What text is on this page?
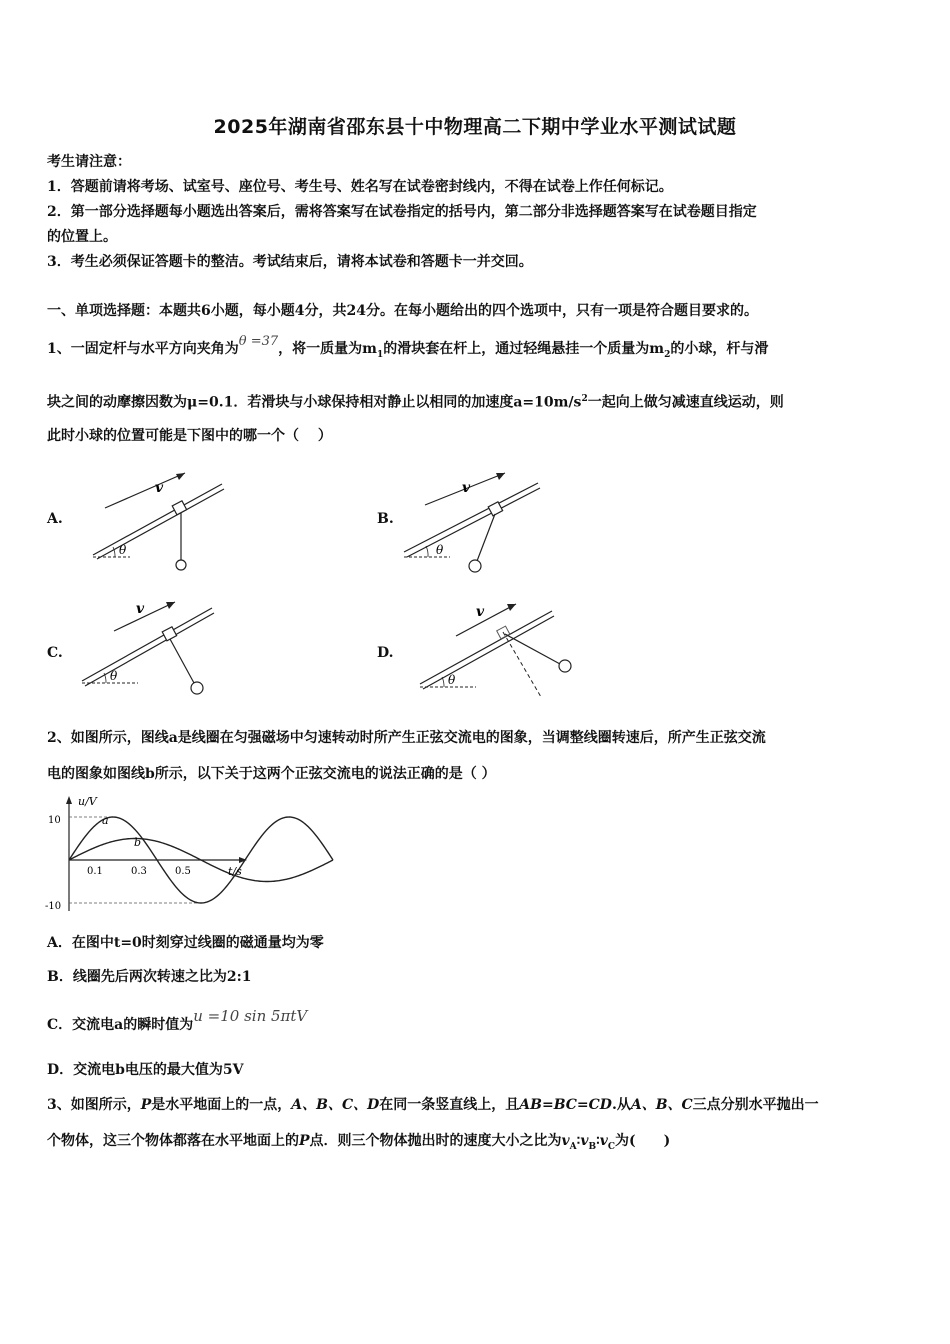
2025年湖南省邵东县十中物理高二下期中学业水平测试试题
考生请注意：
1．答题前请将考场、试室号、座位号、考生号、姓名写在试卷密封线内，不得在试卷上作任何标记。
2．第一部分选择题每小题选出答案后，需将答案写在试卷指定的括号内，第二部分非选择题答案写在试卷题目指定
的位置上。
3．考生必须保证答题卡的整洁。考试结束后，请将本试卷和答题卡一并交回。
一、单项选择题：本题共6小题，每小题4分，共24分。在每小题给出的四个选项中，只有一项是符合题目要求的。
1、一固定杆与水平方向夹角为θ =37，将一质量为$m_1$的滑块套在杆上，通过轻绳悬挂一个质量为$m_2$的小球，杆与滑
块之间的动摩擦因数为μ=0.1．若滑块与小球保持相对静止以相同的加速度$a=10m/s^2$一起向上做匀减速直线运动，则
此时小球的位置可能是下图中的哪一个（　 ）
A.	B.
C.	D.
θ
v
θ
v
θ
v
θ
v
2、如图所示，图线a是线圈在匀强磁场中匀速转动时所产生正弦交流电的图象，当调整线圈转速后，所产生正弦交流
电的图象如图线b所示，以下关于这两个正弦交流电的说法正确的是（ ）
u/V
t/s
10
-10
0.1	0.3	0.5
a
b
A．在图中t=0时刻穿过线圈的磁通量均为零
B．线圈先后两次转速之比为2:1
C．交流电a的瞬时值为u =10 sin 5πtV
D．交流电b电压的最大值为5V
3、如图所示，P是水平地面上的一点，A、B、C、D在同一条竖直线上，且AB=BC=CD.从A、B、C三点分别水平抛出一
个物体，这三个物体都落在水平地面上的P点．则三个物体抛出时的速度大小之比为$v_A∶v_B∶v_C$为(　　)
